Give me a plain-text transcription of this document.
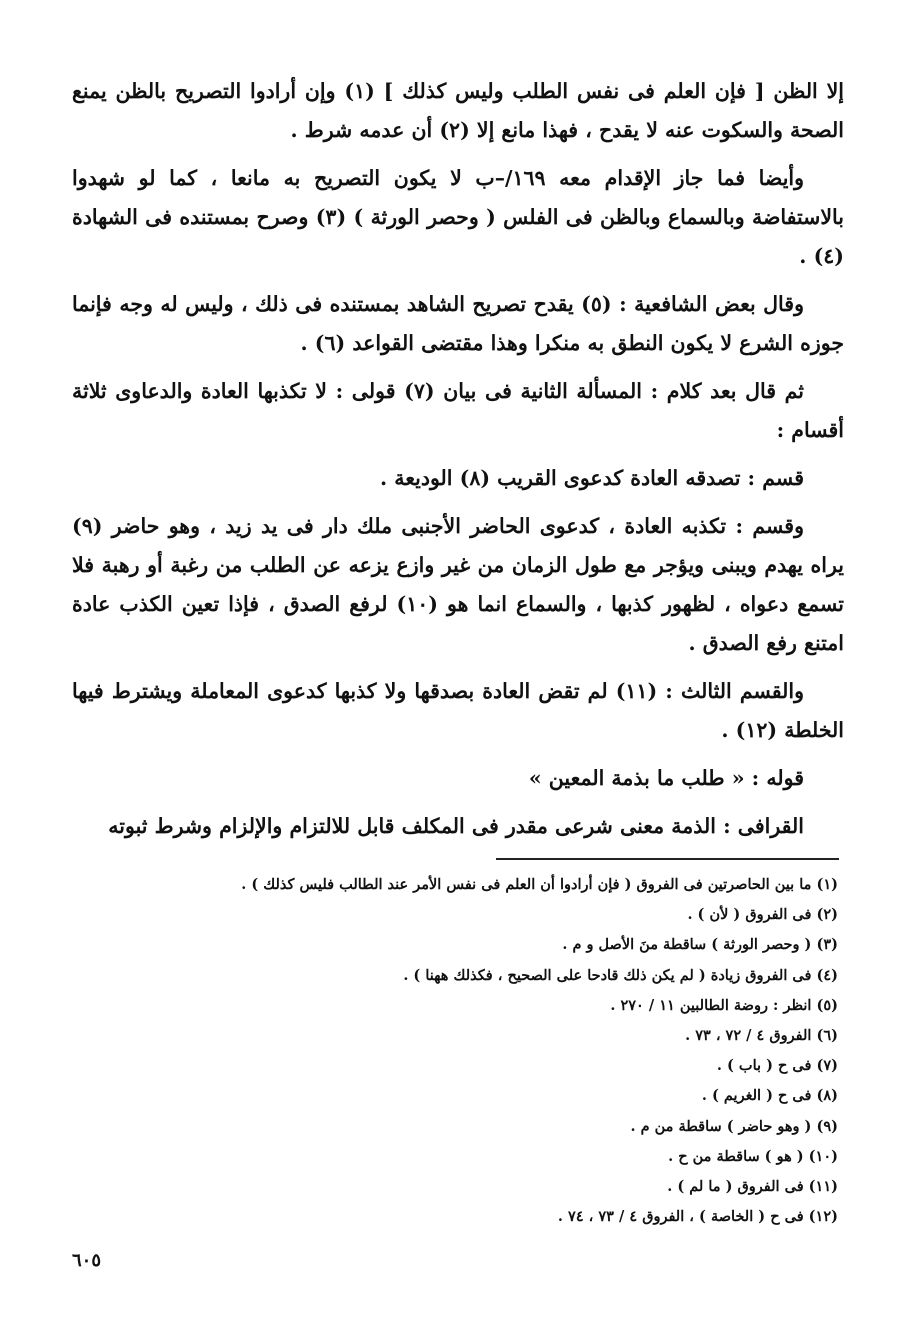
إلا الظن [ فإن العلم فى نفس الطلب وليس كذلك ] (١) وإن أرادوا التصريح بالظن يمنع الصحة والسكوت عنه لا يقدح ، فهذا مانع إلا (٢) أن عدمه شرط .

وأيضا فما جاز الإقدام معه ١٦٩/–ب لا يكون التصريح به مانعا ، كما لو شهدوا بالاستفاضة وبالسماع وبالظن فى الفلس ( وحصر الورثة ) (٣) وصرح بمستنده فى الشهادة (٤) .

وقال بعض الشافعية : (٥) يقدح تصريح الشاهد بمستنده فى ذلك ، وليس له وجه فإنما جوزه الشرع لا يكون النطق به منكرا وهذا مقتضى القواعد (٦) .

ثم قال بعد كلام : المسألة الثانية فى بيان (٧) قولى : لا تكذبها العادة والدعاوى ثلاثة أقسام :

قسم : تصدقه العادة كدعوى القريب (٨) الوديعة .

وقسم : تكذبه العادة ، كدعوى الحاضر الأجنبى ملك دار فى يد زيد ، وهو حاضر (٩) يراه يهدم ويبنى ويؤجر مع طول الزمان من غير وازع يزعه عن الطلب من رغبة أو رهبة فلا تسمع دعواه ، لظهور كذبها ، والسماع انما هو (١٠) لرفع الصدق ، فإذا تعين الكذب عادة امتنع رفع الصدق .

والقسم الثالث : (١١) لم تقض العادة بصدقها ولا كذبها كدعوى المعاملة ويشترط فيها الخلطة (١٢) .

قوله : « طلب ما بذمة المعين »

القرافى : الذمة معنى شرعى مقدر فى المكلف قابل للالتزام والإلزام وشرط ثبوته

(١) ما بين الحاصرتين فى الفروق ( فإن أرادوا أن العلم فى نفس الأمر عند الطالب فليس كذلك ) .
(٢) فى الفروق ( لأن ) .
(٣) ( وحصر الورثة ) ساقطة منَ الأصل و م .
(٤) فى الفروق زيادة ( لم يكن ذلك قادحا على الصحيح ، فكذلك ههنا ) .
(٥) انظر : روضة الطالبين ١١ / ٢٧٠ .
(٦) الفروق ٤ / ٧٢ ، ٧٣ .
(٧) فى ح ( باب ) .
(٨) فى ح ( الغريم ) .
(٩) ( وهو حاضر ) ساقطة من م .
(١٠) ( هو ) ساقطة من ح .
(١١) فى الفروق ( ما لم ) .
(١٢) فى ح ( الخاصة ) ، الفروق ٤ / ٧٣ ، ٧٤ .
٦٠٥
